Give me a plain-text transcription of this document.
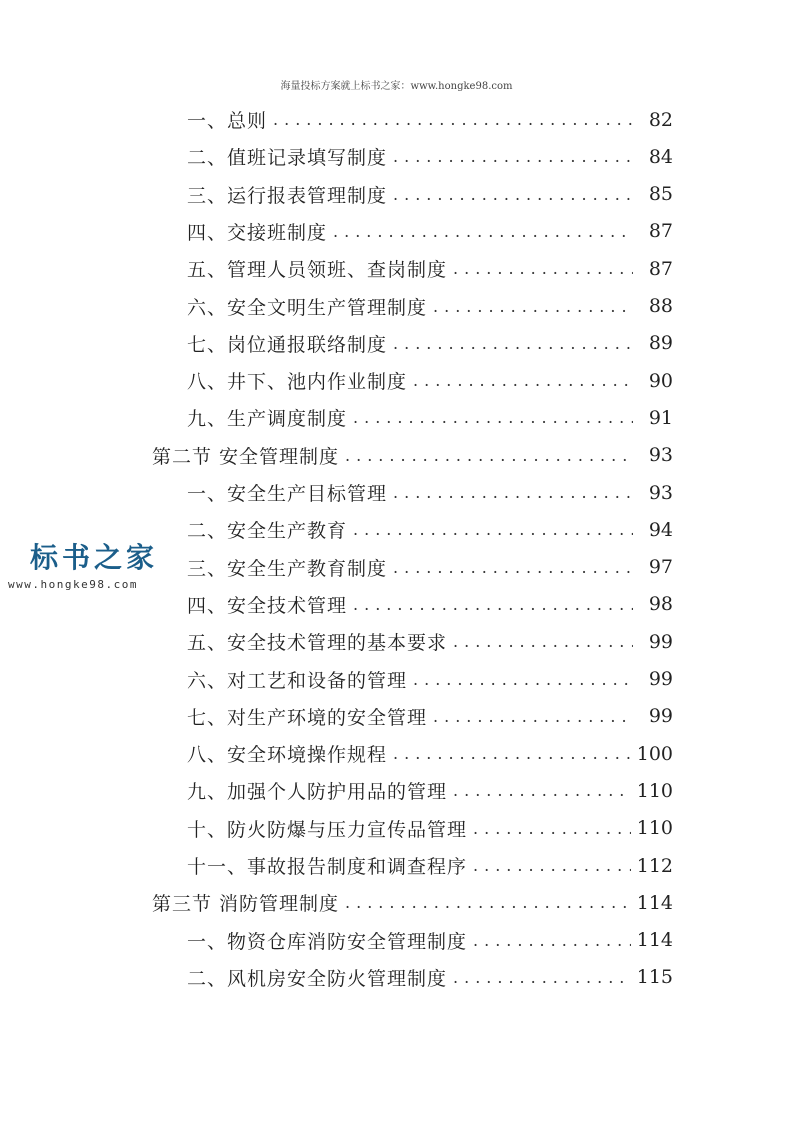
海量投标方案就上标书之家：www.hongke98.com
标书之家
www.hongke98.com
一、总则 .....	82
二、值班记录填写制度 .....	84
三、运行报表管理制度 .....	85
四、交接班制度 .....	87
五、管理人员领班、查岗制度 .....	87
六、安全文明生产管理制度 .....	88
七、岗位通报联络制度 .....	89
八、井下、池内作业制度 .....	90
九、生产调度制度 .....	91
第二节 安全管理制度 .....	93
一、安全生产目标管理 .....	93
二、安全生产教育 .....	94
三、安全生产教育制度 .....	97
四、安全技术管理 .....	98
五、安全技术管理的基本要求 .....	99
六、对工艺和设备的管理 .....	99
七、对生产环境的安全管理 .....	99
八、安全环境操作规程 .....	100
九、加强个人防护用品的管理 .....	110
十、防火防爆与压力宣传品管理 .....	110
十一、事故报告制度和调查程序 .....	112
第三节 消防管理制度 .....	114
一、物资仓库消防安全管理制度 .....	114
二、风机房安全防火管理制度 .....	115
